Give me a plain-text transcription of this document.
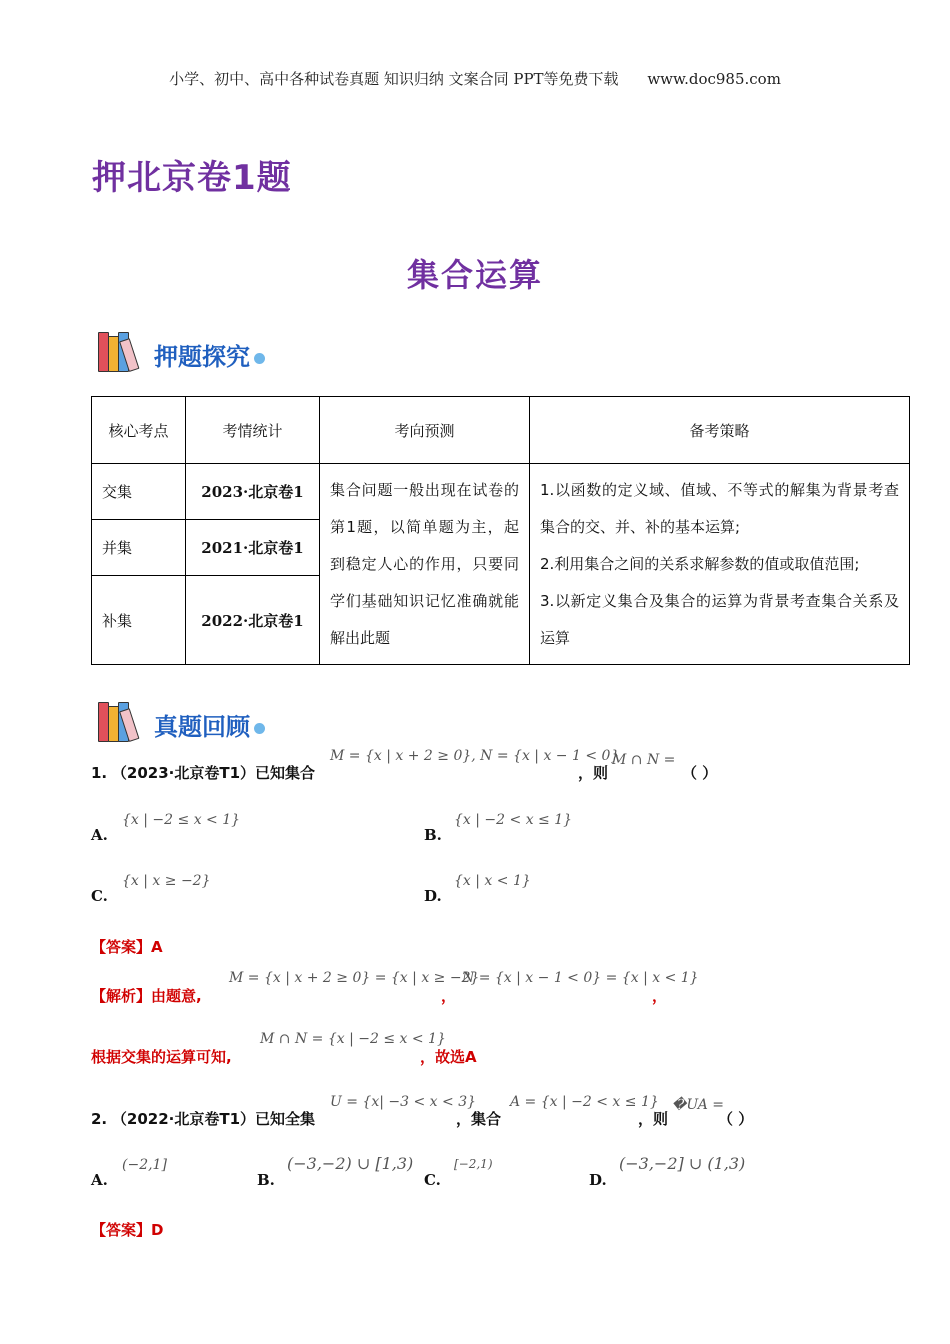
小学、初中、高中各种试卷真题 知识归纳 文案合同 PPT等免费下载 www.doc985.com
押北京卷1题
集合运算
押题探究
核心考点	考情统计	考向预测	备考策略
交集	2023·北京卷1	集合问题一般出现在试卷的第1题，以简单题为主，起到稳定人心的作用，只要同学们基础知识记忆准确就能解出此题	1.以函数的定义域、值域、不等式的解集为背景考查集合的交、并、补的基本运算;
2.利用集合之间的关系求解参数的值或取值范围;
3.以新定义集合及集合的运算为背景考查集合关系及运算

并集	2021·北京卷1		
补集	2022·北京卷1		
真题回顾
1. （2023·北京卷T1）已知集合
M = {x | x + 2 ≥ 0}, N = {x | x − 1 < 0}
，则
M ∩ N =
（ ）
A.
{x | −2 ≤ x < 1}
B.
{x | −2 < x ≤ 1}
C.
{x | x ≥ −2}
D.
{x | x < 1}
【答案】A
【解析】由题意,
M = {x | x + 2 ≥ 0} = {x | x ≥ −2}
，
N = {x | x − 1 < 0} = {x | x < 1}
，
根据交集的运算可知,
M ∩ N = {x | −2 ≤ x < 1}
，故选A
2. （2022·北京卷T1）已知全集
U = {x| −3 < x < 3}
，集合
A = {x | −2 < x ≤ 1}
，则
�UA =
（ ）
A.
(−2,1]
B.
(−3,−2) ∪ [1,3)
C.
[−2,1)
D.
(−3,−2] ∪ (1,3)
【答案】D
